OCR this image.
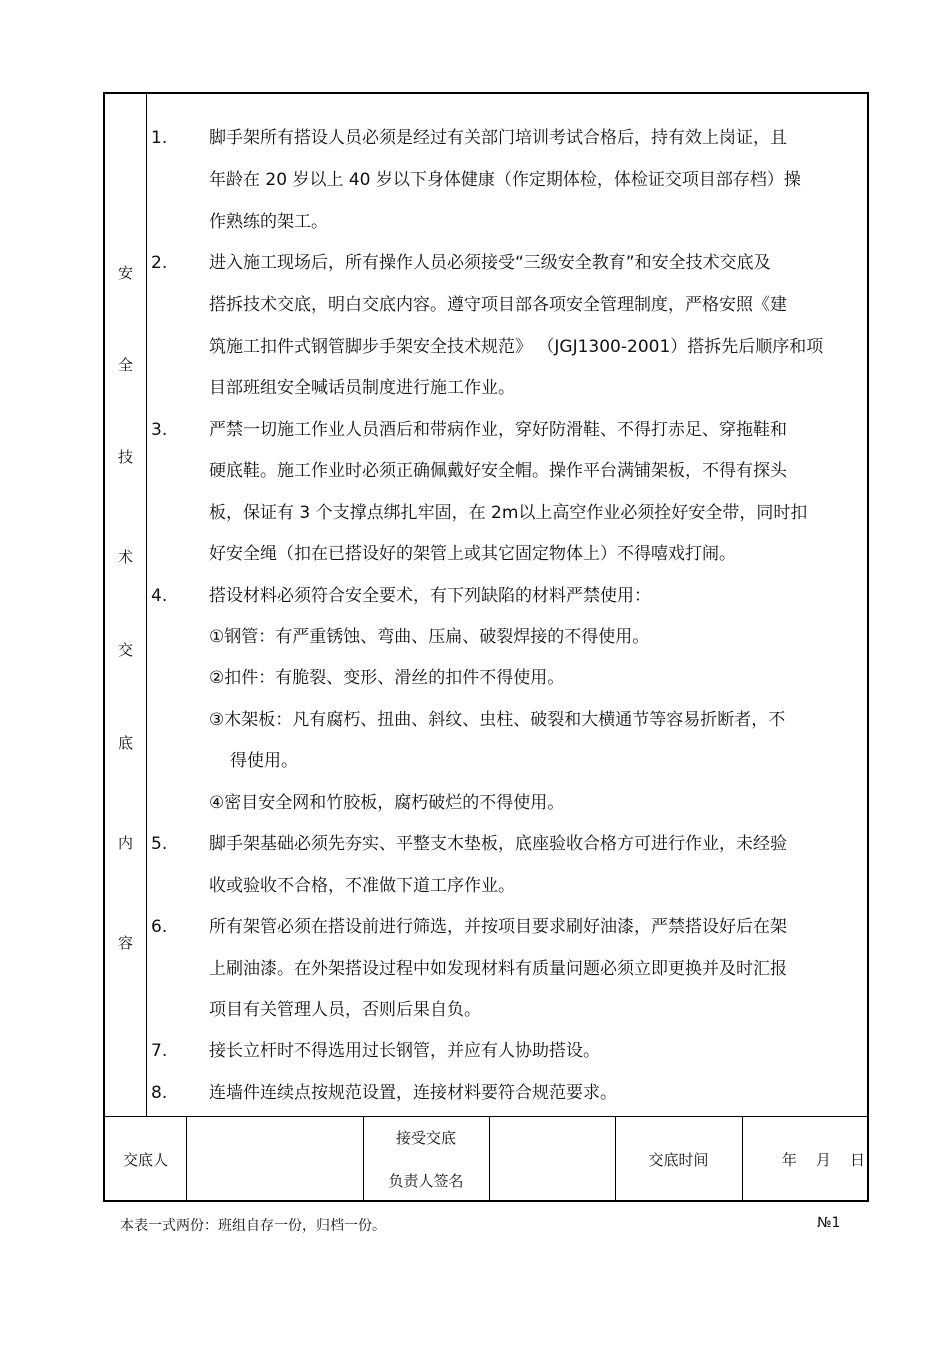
安
全
技
术
交
底
内
容
1. 脚手架所有搭设人员必须是经过有关部门培训考试合格后，持有效上岗证，且
年龄在 20 岁以上 40 岁以下身体健康（作定期体检，体检证交项目部存档）操
作熟练的架工。
2. 进入施工现场后，所有操作人员必须接受“三级安全教育”和安全技术交底及
搭拆技术交底，明白交底内容。遵守项目部各项安全管理制度，严格安照《建
筑施工扣件式钢管脚步手架安全技术规范》 （JGJ1300-2001）搭拆先后顺序和项
目部班组安全喊话员制度进行施工作业。
3. 严禁一切施工作业人员酒后和带病作业，穿好防滑鞋、不得打赤足、穿拖鞋和
硬底鞋。施工作业时必须正确佩戴好安全帽。操作平台满铺架板，不得有探头
板，保证有 3 个支撑点绑扎牢固，在 2m以上高空作业必须拴好安全带，同时扣
好安全绳（扣在已搭设好的架管上或其它固定物体上）不得嘻戏打闹。
4. 搭设材料必须符合安全要术，有下列缺陷的材料严禁使用：
①钢管：有严重锈蚀、弯曲、压扁、破裂焊接的不得使用。
②扣件：有脆裂、变形、滑丝的扣件不得使用。
③木架板：凡有腐朽、扭曲、斜纹、虫柱、破裂和大横通节等容易折断者，不
得使用。
④密目安全网和竹胶板，腐朽破烂的不得使用。
5. 脚手架基础必须先夯实、平整支木垫板，底座验收合格方可进行作业，未经验
收或验收不合格，不准做下道工序作业。
6. 所有架管必须在搭设前进行筛选，并按项目要求刷好油漆，严禁搭设好后在架
上刷油漆。在外架搭设过程中如发现材料有质量问题必须立即更换并及时汇报
项目有关管理人员，否则后果自负。
7. 接长立杆时不得选用过长钢管，并应有人协助搭设。
8. 连墙件连续点按规范设置，连接材料要符合规范要求。
交底人
接受交底
负责人签名
交底时间	年    月    日
本表一式两份：班组自存一份，归档一份。	№1
